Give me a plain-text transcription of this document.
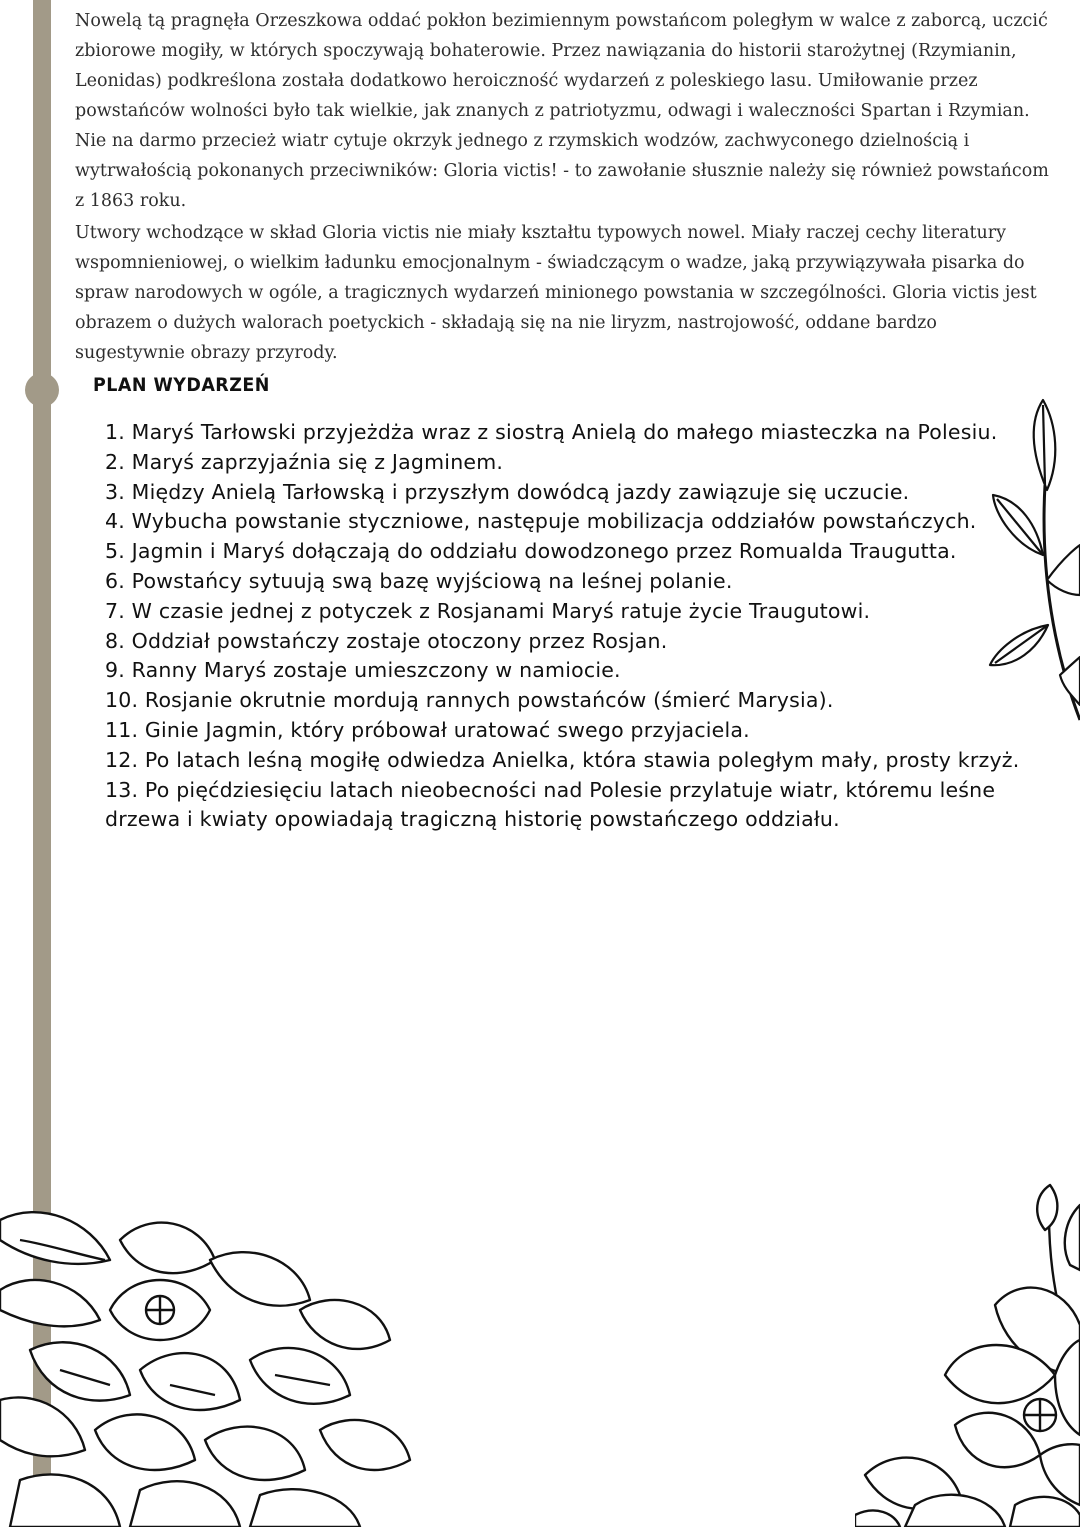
Nowelą tą pragnęła Orzeszkowa oddać pokłon bezimiennym powstańcom poległym w walce z zaborcą, uczcić zbiorowe mogiły, w których spoczywają bohaterowie. Przez nawiązania do historii starożytnej (Rzymianin, Leonidas) podkreślona została dodatkowo heroiczność wydarzeń z poleskiego lasu. Umiłowanie przez powstańców wolności było tak wielkie, jak znanych z patriotyzmu, odwagi i waleczności Spartan i Rzymian. Nie na darmo przecież wiatr cytuje okrzyk jednego z rzymskich wodzów, zachwyconego dzielnością i wytrwałością pokonanych przeciwników: Gloria victis! - to zawołanie słusznie należy się również powstańcom z 1863 roku.

Utwory wchodzące w skład Gloria victis nie miały kształtu typowych nowel. Miały raczej cechy literatury wspomnieniowej, o wielkim ładunku emocjonalnym - świadczącym o wadze, jaką przywiązywała pisarka do spraw narodowych w ogóle, a tragicznych wydarzeń minionego powstania w szczególności. Gloria victis jest obrazem o dużych walorach poetyckich - składają się na nie liryzm, nastrojowość, oddane bardzo sugestywnie obrazy przyrody.

PLAN WYDARZEŃ
1. Maryś Tarłowski przyjeżdża wraz z siostrą Anielą do małego miasteczka na Polesiu.
2. Maryś zaprzyjaźnia się z Jagminem.
3. Między Anielą Tarłowską i przyszłym dowódcą jazdy zawiązuje się uczucie.
4. Wybucha powstanie styczniowe, następuje mobilizacja oddziałów powstańczych.
5. Jagmin i Maryś dołączają do oddziału dowodzonego przez Romualda Traugutta.
6. Powstańcy sytuują swą bazę wyjściową na leśnej polanie.
7. W czasie jednej z potyczek z Rosjanami Maryś ratuje życie Traugutowi.
8. Oddział powstańczy zostaje otoczony przez Rosjan.
9. Ranny Maryś zostaje umieszczony w namiocie.
10. Rosjanie okrutnie mordują rannych powstańców (śmierć Marysia).
11. Ginie Jagmin, który próbował uratować swego przyjaciela.
12. Po latach leśną mogiłę odwiedza Anielka, która stawia poległym mały, prosty krzyż.
13. Po pięćdziesięciu latach nieobecności nad Polesie przylatuje wiatr, któremu leśne drzewa i kwiaty opowiadają tragiczną historię powstańczego oddziału.
